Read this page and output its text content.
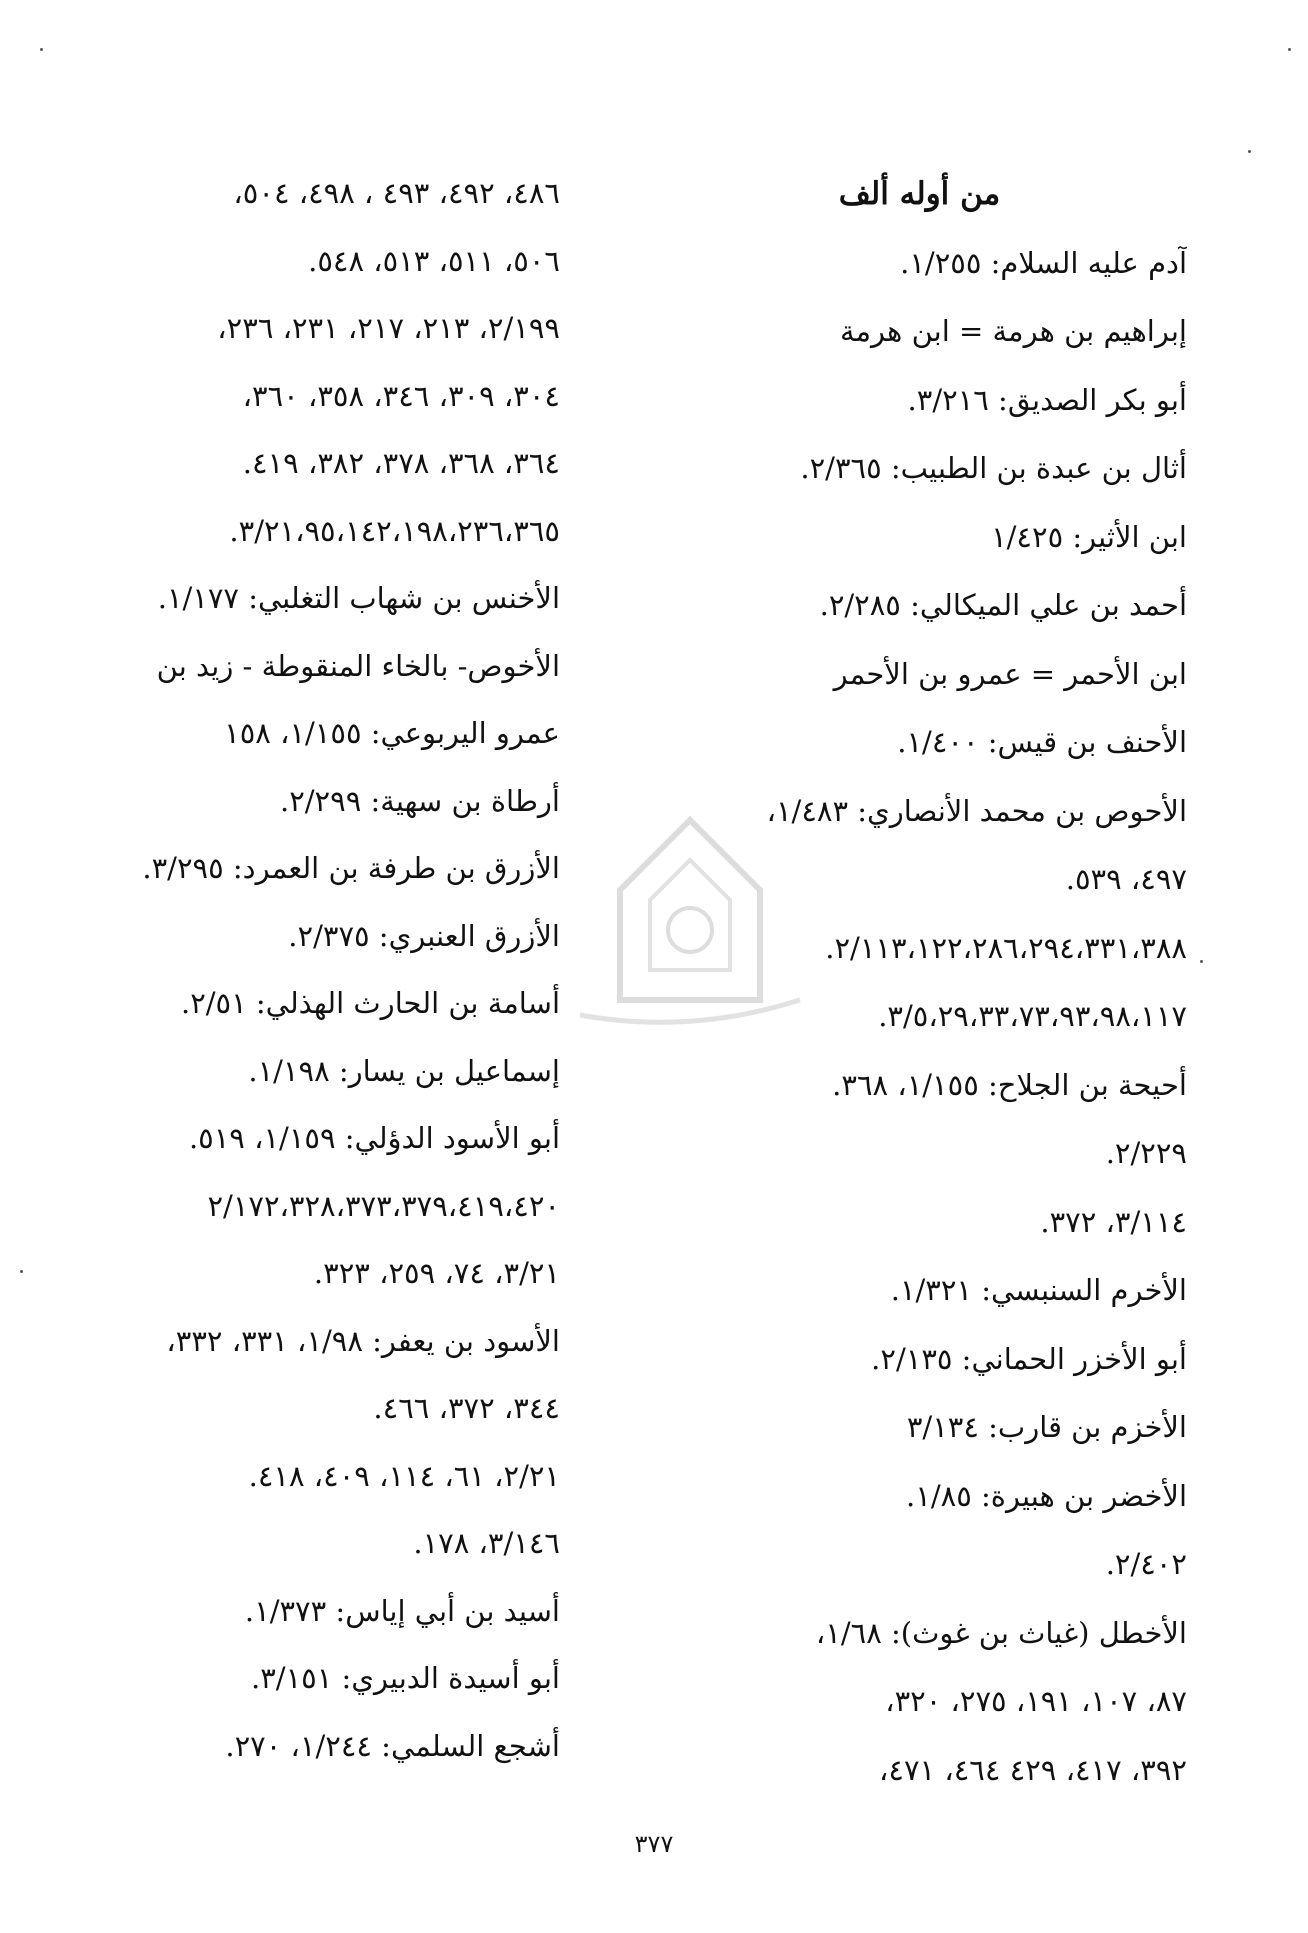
من أوله ألف
آدم عليه السلام: ١/٢٥٥.
إبراهيم بن هرمة = ابن هرمة
أبو بكر الصديق: ٣/٢١٦.
أثال بن عبدة بن الطبيب: ٢/٣٦٥.
ابن الأثير: ١/٤٢٥
أحمد بن علي الميكالي: ٢/٢٨٥.
ابن الأحمر = عمرو بن الأحمر
الأحنف بن قيس: ١/٤٠٠.
الأحوص بن محمد الأنصاري: ١/٤٨٣،
٤٩٧، ٥٣٩.
٢/١١٣،١٢٢،٢٨٦،٢٩٤،٣٣١،٣٨٨.
٣/٥،٢٩،٣٣،٧٣،٩٣،٩٨،١١٧.
أحيحة بن الجلاح: ١/١٥٥، ٣٦٨.
٢/٢٢٩.
٣/١١٤، ٣٧٢.
الأخرم السنبسي: ١/٣٢١.
أبو الأخزر الحماني: ٢/١٣٥.
الأخزم بن قارب: ٣/١٣٤
الأخضر بن هبيرة: ١/٨٥.
٢/٤٠٢.
الأخطل (غياث بن غوث): ١/٦٨،
٨٧، ١٠٧، ١٩١، ٢٧٥، ٣٢٠،
٣٩٢، ٤١٧، ٤٢٩ ٤٦٤، ٤٧١،
٤٨٦، ٤٩٢، ٤٩٣ ، ٤٩٨، ٥٠٤،
٥٠٦، ٥١١، ٥١٣، ٥٤٨.
٢/١٩٩، ٢١٣، ٢١٧، ٢٣١، ٢٣٦،
٣٠٤، ٣٠٩، ٣٤٦، ٣٥٨، ٣٦٠،
٣٦٤، ٣٦٨، ٣٧٨، ٣٨٢، ٤١٩.
٣/٢١،٩٥،١٤٢،١٩٨،٢٣٦،٣٦٥.
الأخنس بن شهاب التغلبي: ١/١٧٧.
الأخوص- بالخاء المنقوطة - زيد بن
عمرو اليربوعي: ١/١٥٥، ١٥٨
أرطاة بن سهية: ٢/٢٩٩.
الأزرق بن طرفة بن العمرد: ٣/٢٩٥.
الأزرق العنبري: ٢/٣٧٥.
أسامة بن الحارث الهذلي: ٢/٥١.
إسماعيل بن يسار: ١/١٩٨.
أبو الأسود الدؤلي: ١/١٥٩، ٥١٩.
٢/١٧٢،٣٢٨،٣٧٣،٣٧٩،٤١٩،٤٢٠
٣/٢١، ٧٤، ٢٥٩، ٣٢٣.
الأسود بن يعفر: ١/٩٨، ٣٣١، ٣٣٢،
٣٤٤، ٣٧٢، ٤٦٦.
٢/٢١، ٦١، ١١٤، ٤٠٩، ٤١٨.
٣/١٤٦، ١٧٨.
أسيد بن أبي إياس: ١/٣٧٣.
أبو أسيدة الدبيري: ٣/١٥١.
أشجع السلمي: ١/٢٤٤، ٢٧٠.
٣٧٧
